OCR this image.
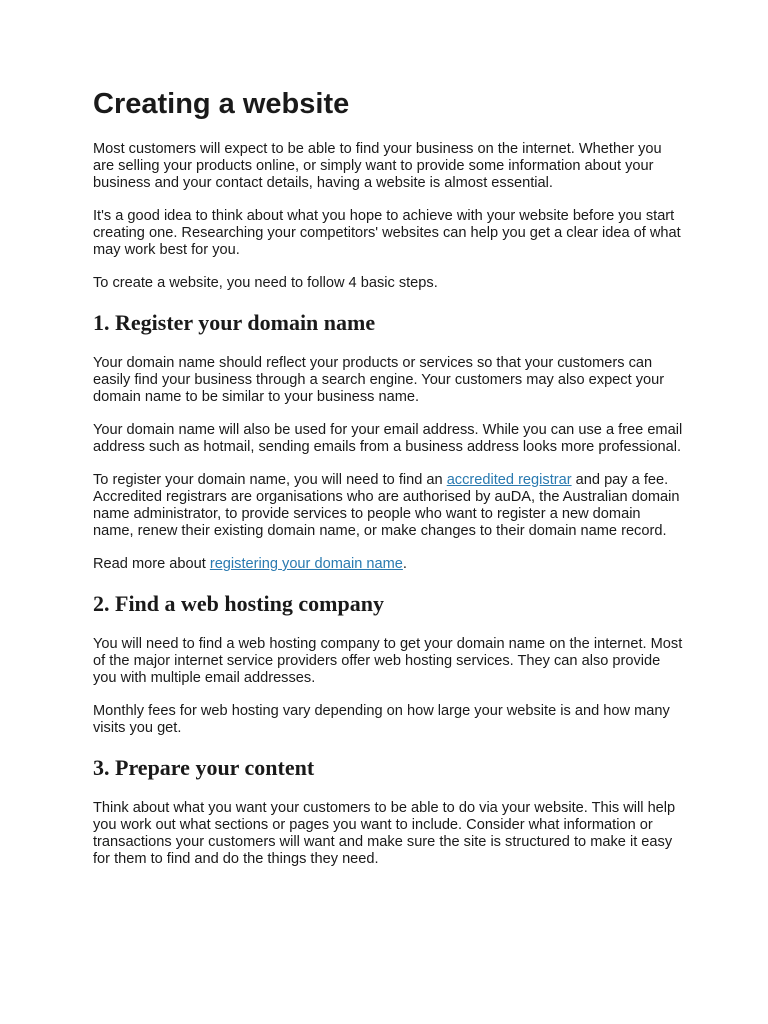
Creating a website

Most customers will expect to be able to find your business on the internet. Whether you are selling your products online, or simply want to provide some information about your business and your contact details, having a website is almost essential.

It's a good idea to think about what you hope to achieve with your website before you start creating one. Researching your competitors' websites can help you get a clear idea of what may work best for you.

To create a website, you need to follow 4 basic steps.

1. Register your domain name

Your domain name should reflect your products or services so that your customers can easily find your business through a search engine. Your customers may also expect your domain name to be similar to your business name.

Your domain name will also be used for your email address. While you can use a free email address such as hotmail, sending emails from a business address looks more professional.

To register your domain name, you will need to find an accredited registrar and pay a fee. Accredited registrars are organisations who are authorised by auDA, the Australian domain name administrator, to provide services to people who want to register a new domain name, renew their existing domain name, or make changes to their domain name record.

Read more about registering your domain name.

2. Find a web hosting company

You will need to find a web hosting company to get your domain name on the internet. Most of the major internet service providers offer web hosting services. They can also provide you with multiple email addresses.

Monthly fees for web hosting vary depending on how large your website is and how many visits you get.

3. Prepare your content

Think about what you want your customers to be able to do via your website. This will help you work out what sections or pages you want to include. Consider what information or transactions your customers will want and make sure the site is structured to make it easy for them to find and do the things they need.
